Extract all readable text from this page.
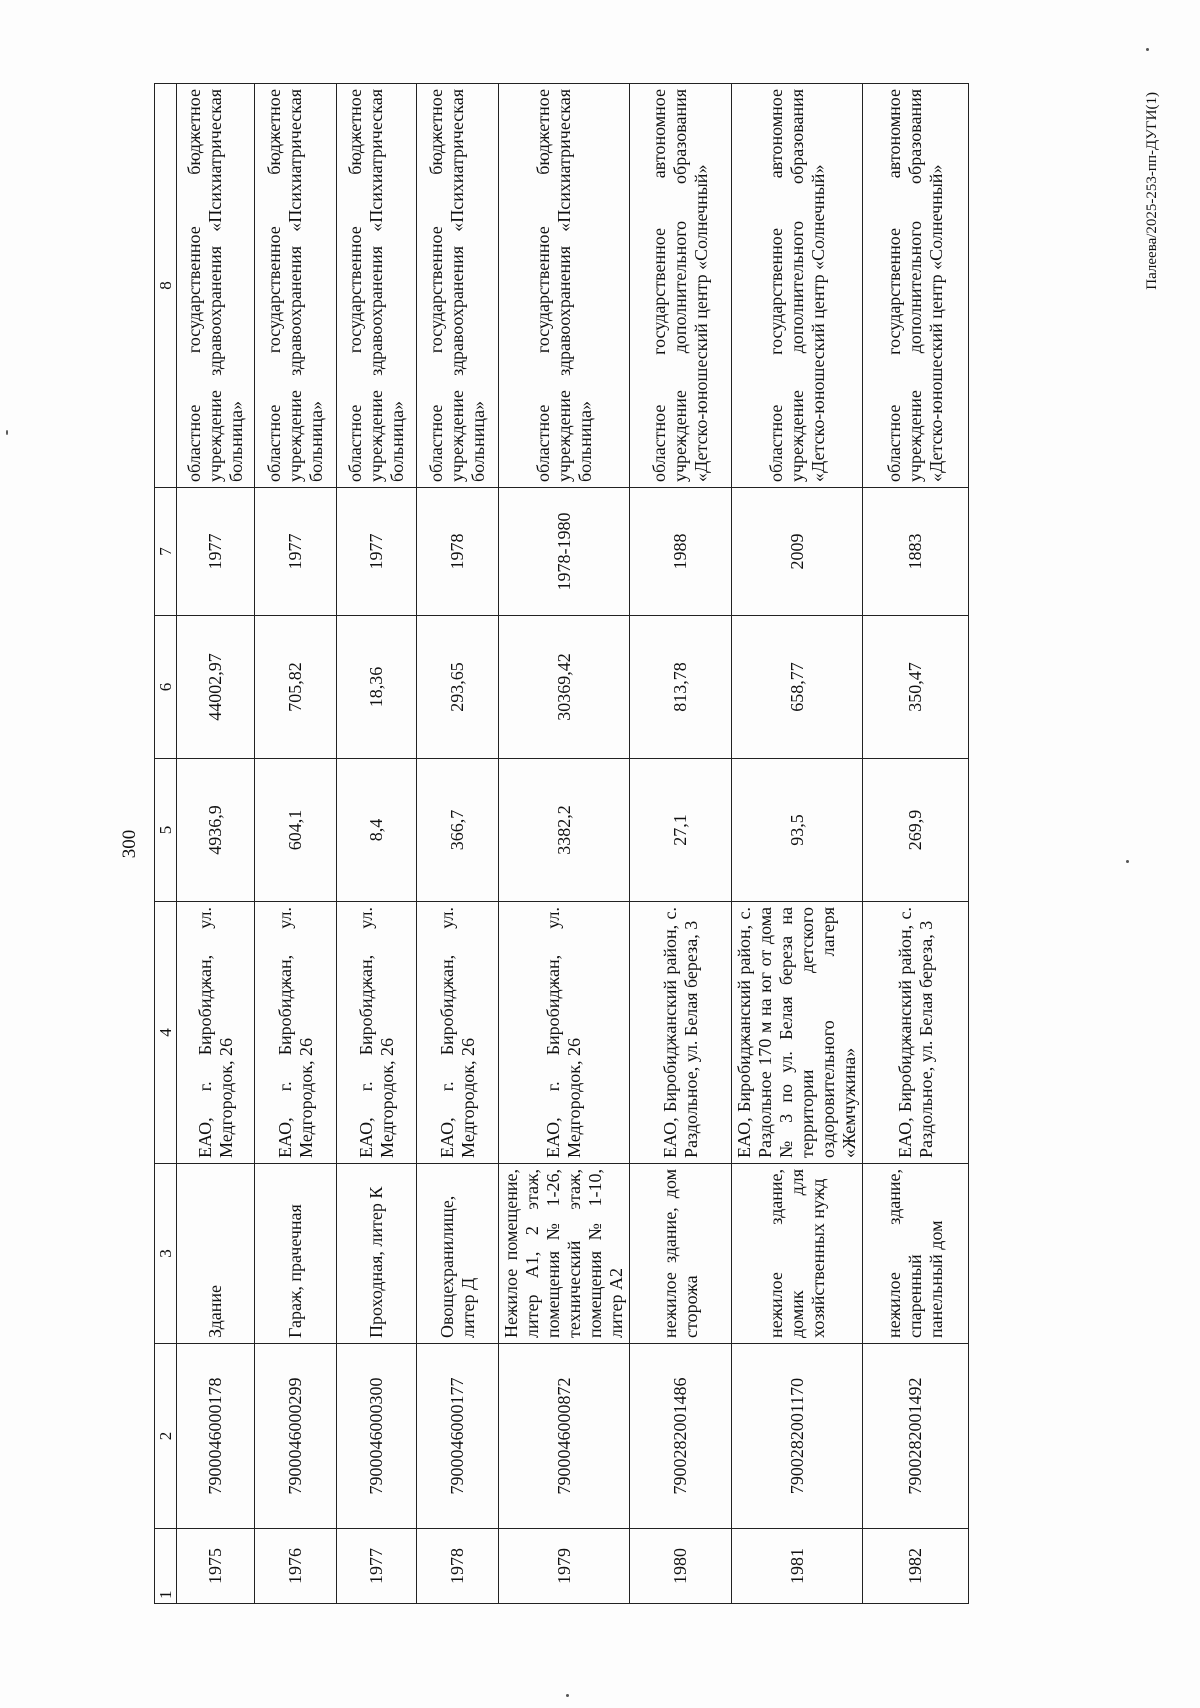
300
1	2	3	4	5	6	7	8
1975	7900046000178	Здание	ЕАО, г. Биробиджан, ул. Медгородок, 26	4936,9	44002,97	1977	областное государственное бюджетное учреждение здравоохранения «Психиатрическая больница»
1976	7900046000299	Гараж, прачечная	ЕАО, г. Биробиджан, ул. Медгородок, 26	604,1	705,82	1977	областное государственное бюджетное учреждение здравоохранения «Психиатрическая больница»
1977	7900046000300	Проходная, литер К	ЕАО, г. Биробиджан, ул. Медгородок, 26	8,4	18,36	1977	областное государственное бюджетное учреждение здравоохранения «Психиатрическая больница»
1978	7900046000177	Овощехранилище, литер Д	ЕАО, г. Биробиджан, ул. Медгородок, 26	366,7	293,65	1978	областное государственное бюджетное учреждение здравоохранения «Психиатрическая больница»
1979	7900046000872	Нежилое помещение, литер А1, 2 этаж, помещения № 1-26, технический этаж, помещения № 1-10, литер А2	ЕАО, г. Биробиджан, ул. Медгородок, 26	3382,2	30369,42	1978-1980	областное государственное бюджетное учреждение здравоохранения «Психиатрическая больница»
1980	7900282001486	нежилое здание, дом сторожа	ЕАО, Биробиджанский район, с. Раздольное, ул. Белая береза, 3	27,1	813,78	1988	областное государственное автономное учреждение дополнительного образования «Детско-юношеский центр «Солнечный»
1981	7900282001170	нежилое здание, домик для хозяйственных нужд	ЕАО, Биробиджанский район, с. Раздольное 170 м на юг от дома № 3 по ул. Белая береза на территории детского оздоровительного лагеря «Жемчужина»	93,5	658,77	2009	областное государственное автономное учреждение дополнительного образования «Детско-юношеский центр «Солнечный»
1982	7900282001492	нежилое здание, спаренный панельный дом	ЕАО, Биробиджанский район, с. Раздольное, ул. Белая береза, 3	269,9	350,47	1883	областное государственное автономное учреждение дополнительного образования «Детско-юношеский центр «Солнечный»	Палеева/2025-253-пп-ДУГИ(1)
